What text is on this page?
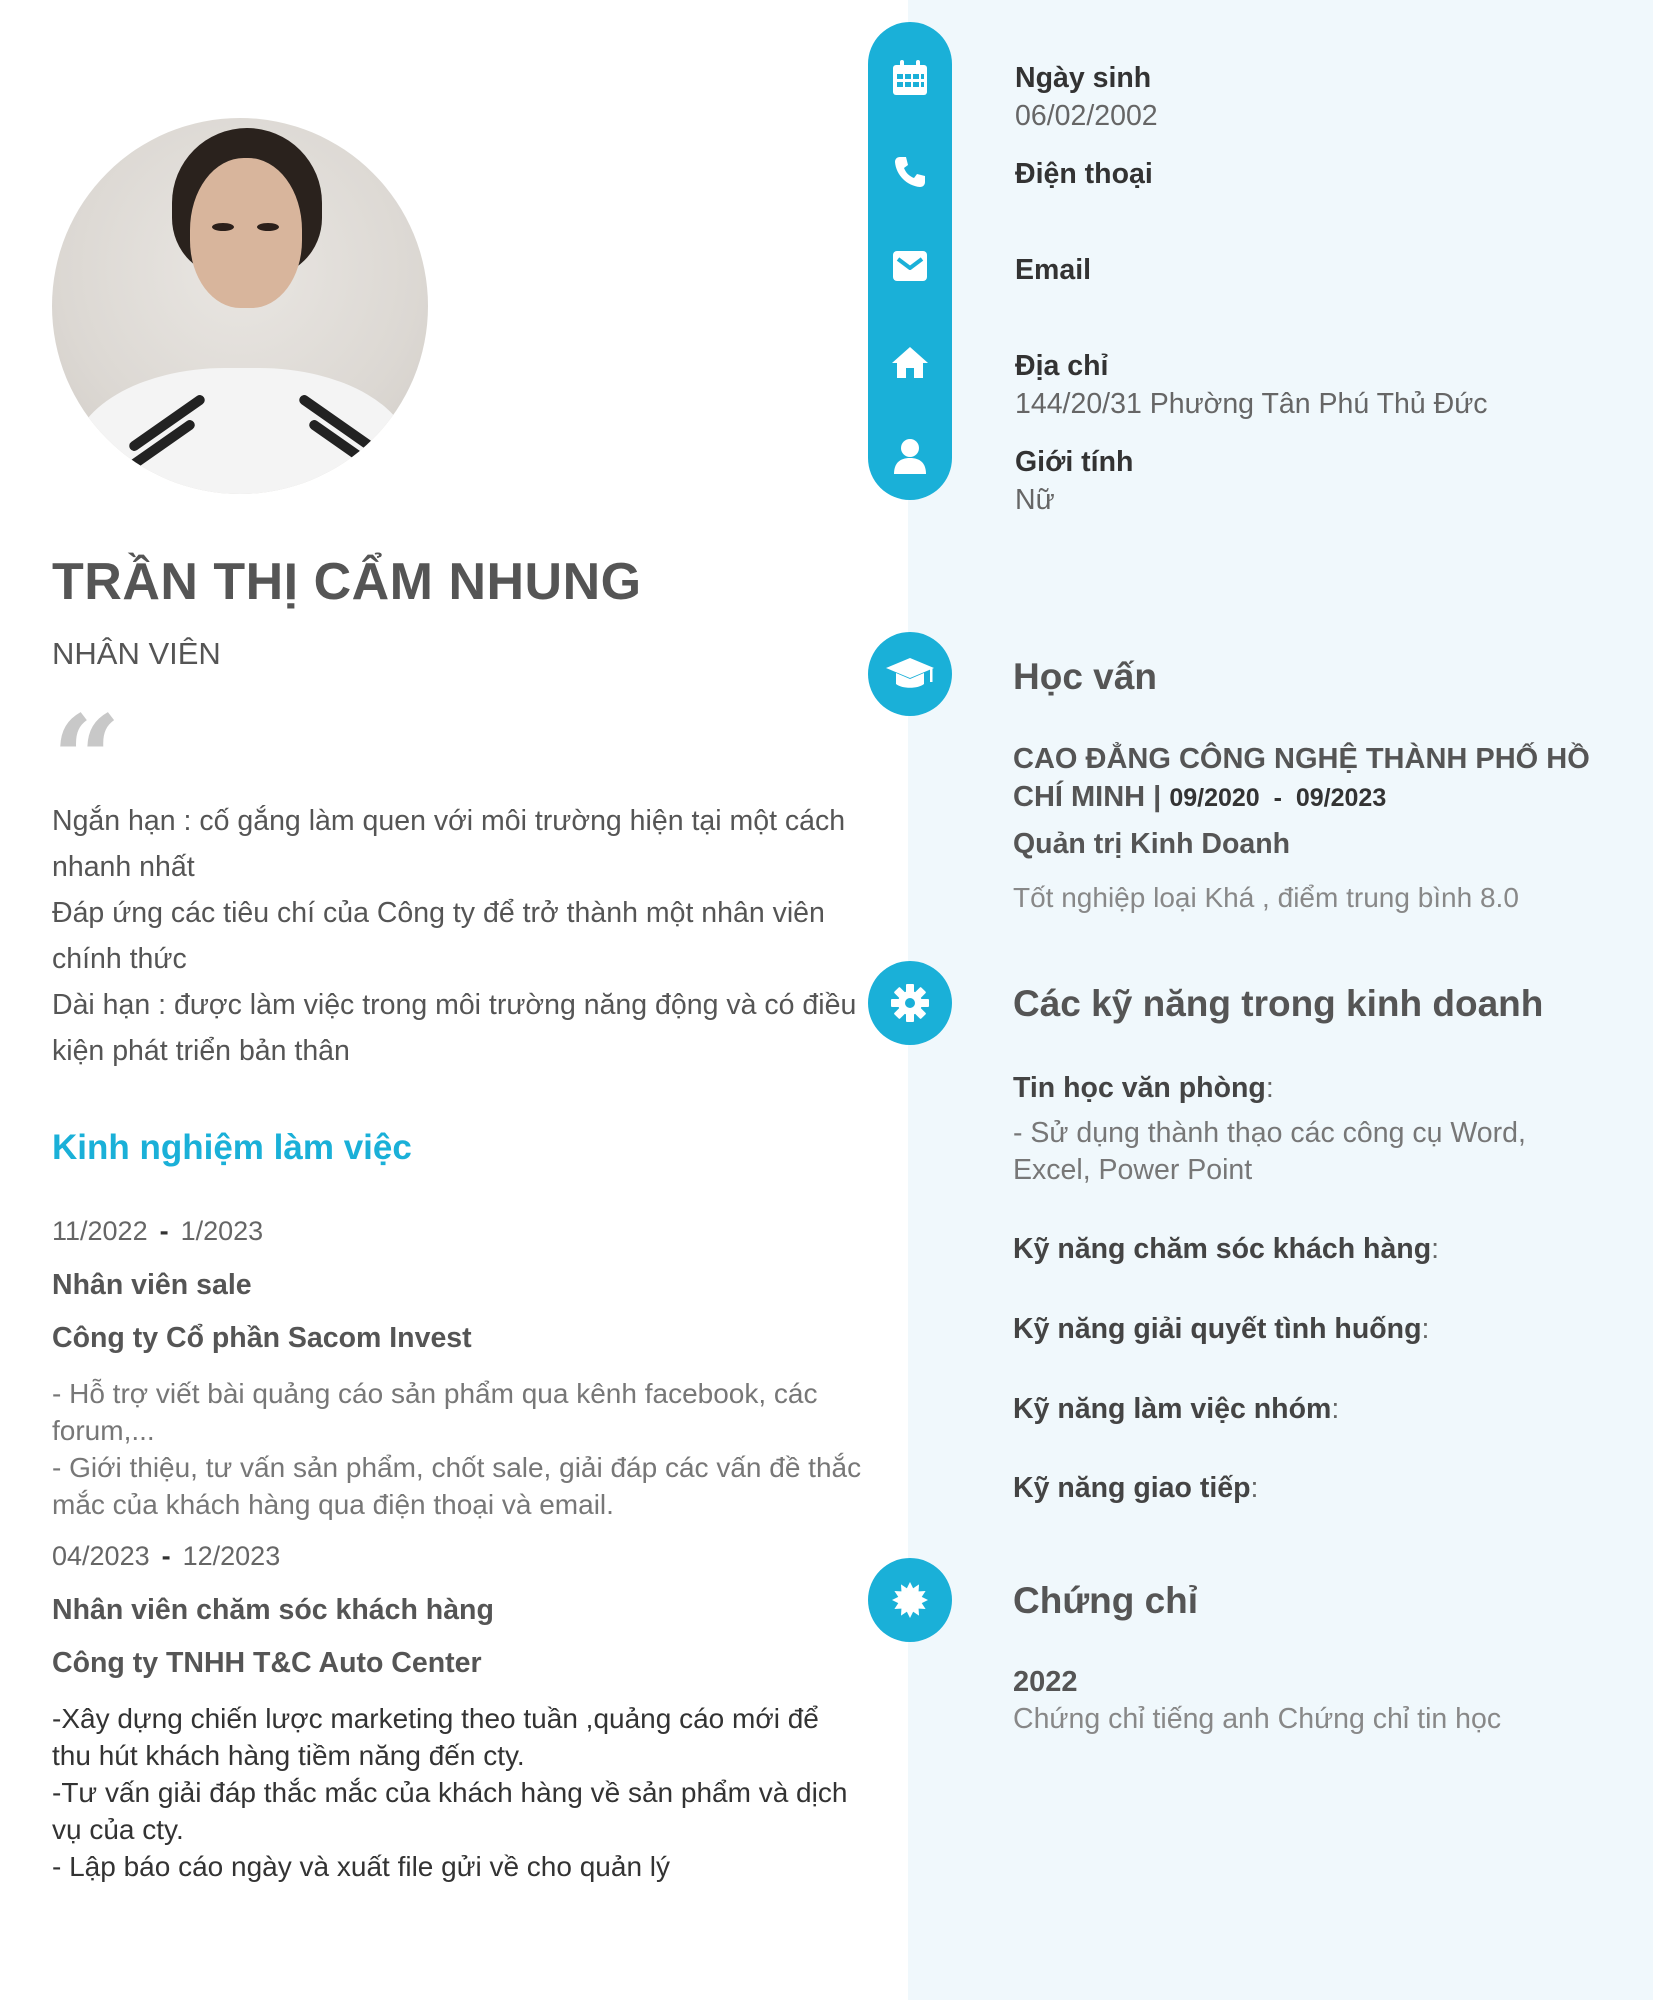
TRẦN THỊ CẨM NHUNG
NHÂN VIÊN
“

Ngắn hạn : cố gắng làm quen với môi trường hiện tại một cách nhanh nhất

Đáp ứng các tiêu chí của Công ty để trở thành một nhân viên chính thức

Dài hạn : được làm việc trong môi trường năng động và có điều kiện phát triển bản thân

Kinh nghiệm làm việc
11/2022 - 1/2023
Nhân viên sale
Công ty Cổ phần Sacom Invest
- Hỗ trợ viết bài quảng cáo sản phẩm qua kênh facebook, các forum,...
- Giới thiệu, tư vấn sản phẩm, chốt sale, giải đáp các vấn đề thắc mắc của khách hàng qua điện thoại và email.
04/2023 - 12/2023
Nhân viên chăm sóc khách hàng
Công ty TNHH T&C Auto Center
-Xây dựng chiến lược marketing theo tuần ,quảng cáo mới để thu hút khách hàng tiềm năng đến cty.
-Tư vấn giải đáp thắc mắc của khách hàng về sản phẩm và dịch vụ của cty.
- Lập báo cáo ngày và xuất file gửi về cho quản lý
Ngày sinh
06/02/2002
Điện thoại
Email
Địa chỉ
144/20/31 Phường Tân Phú Thủ Đức
Giới tính
Nữ
Học vấn
CAO ĐẲNG CÔNG NGHỆ THÀNH PHỐ HỒ CHÍ MINH | 09/2020 - 09/2023
Quản trị Kinh Doanh
Tốt nghiệp loại Khá , điểm trung bình 8.0
Các kỹ năng trong kinh doanh
Tin học văn phòng:
- Sử dụng thành thạo các công cụ Word, Excel, Power Point
Kỹ năng chăm sóc khách hàng:
Kỹ năng giải quyết tình huống:
Kỹ năng làm việc nhóm:
Kỹ năng giao tiếp:
Chứng chỉ
2022
Chứng chỉ tiếng anh Chứng chỉ tin học
